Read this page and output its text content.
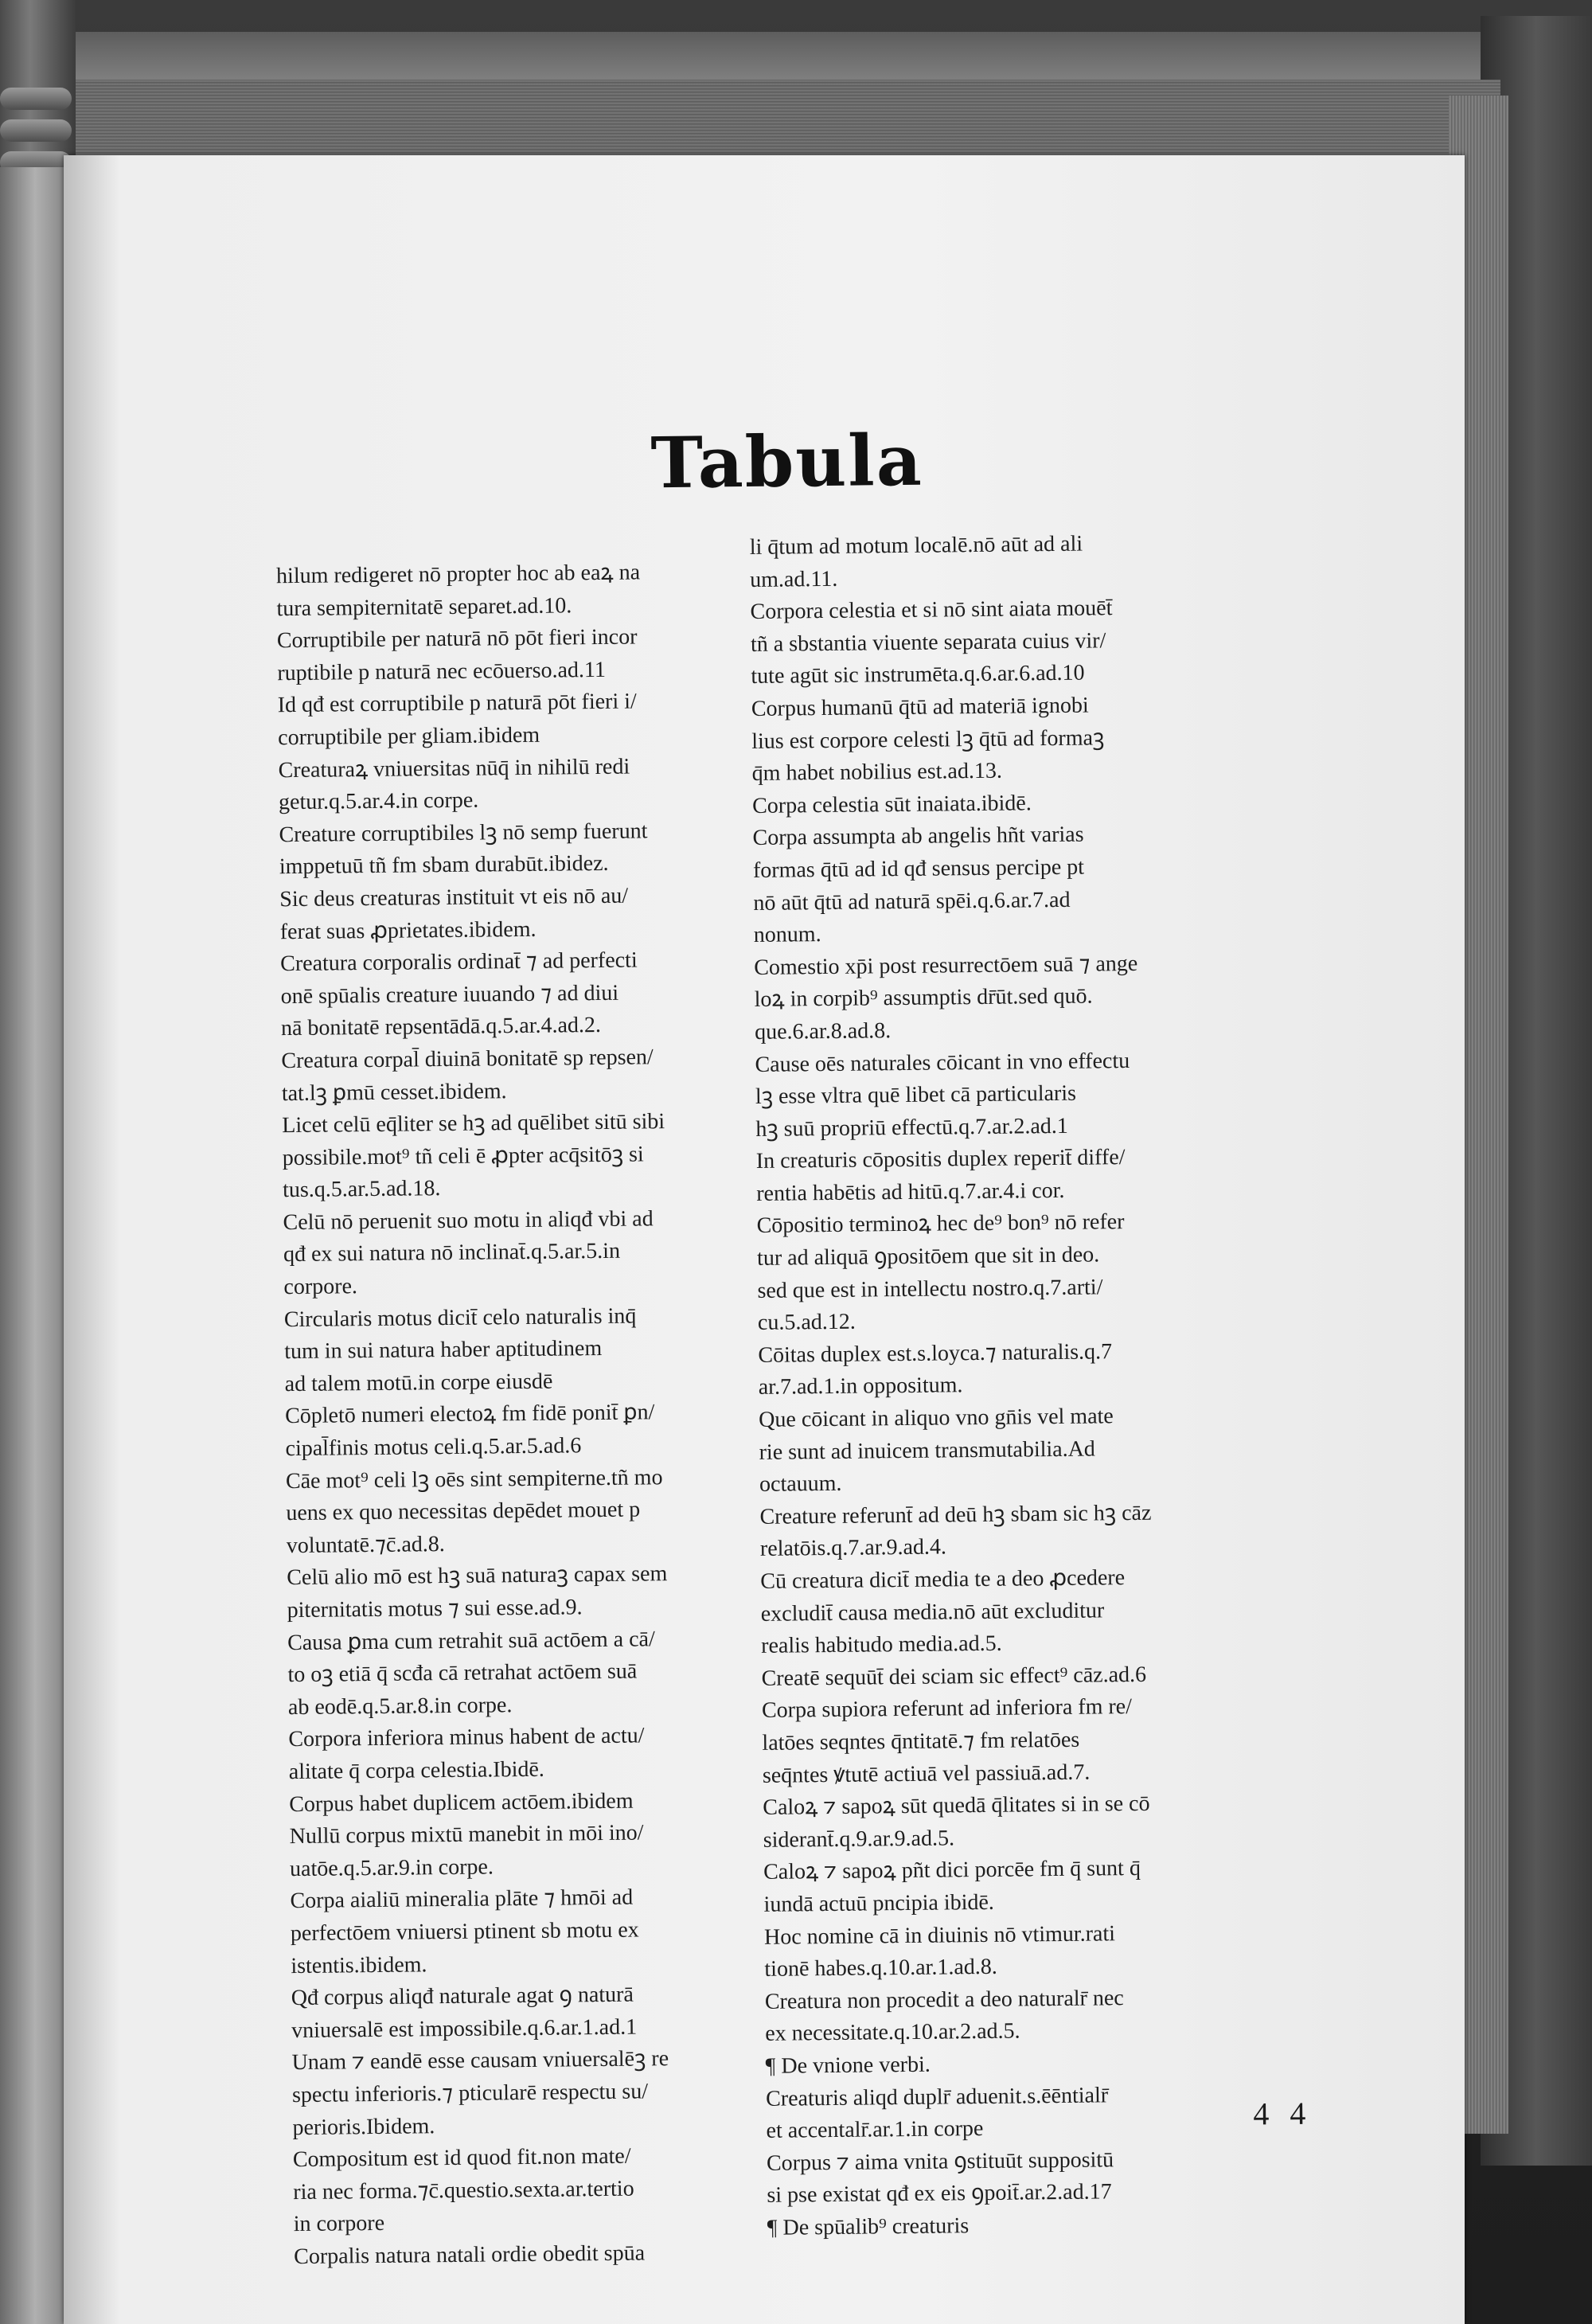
Tabula
hilum redigeret nō propter hoc ab eaꝝ na
tura sempiternitatē separet.ad.10.
Corruptibile per naturā nō pōt fieri incor
ruptibile p naturā nec ecōuerso.ad.11
Id qđ est corruptibile p naturā pōt fieri i/
corruptibile per gliam.ibidem
Creaturaꝝ vniuersitas nūq̄ in nihilū redi
getur.q.5.ar.4.in corpe.
Creature corruptibiles lꝫ nō semp fuerunt
imppetuū tñ fm sbam durabūt.ibidez.
Sic deus creaturas instituit vt eis nō au/
ferat suas ꝓprietates.ibidem.
Creatura corporalis ordinat̄ ⁊ ad perfecti
onē spūalis creature iuuando ⁊ ad diui
nā bonitatē repsentādā.q.5.ar.4.ad.2.
Creatura corpal̄ diuinā bonitatē sp repsen/
tat.lꝫ ꝑmū cesset.ibidem.
Licet celū eq̄liter se hꝫ ad quēlibet sitū sibi
possibile.mot⁹ tñ celi ē ꝓpter acq̄sitōꝫ si
tus.q.5.ar.5.ad.18.
Celū nō peruenit suo motu in aliqđ vbi ad
qđ ex sui natura nō inclinat̄.q.5.ar.5.in
corpore.
Circularis motus dicit̄ celo naturalis inq̄
tum in sui natura haber aptitudinem
ad talem motū.in corpe eiusdē
Cōpletō numeri electoꝝ fm fidē ponit̄ ꝑn/
cipal̄finis motus celi.q.5.ar.5.ad.6
Cāe mot⁹ celi lꝫ oēs sint sempiterne.tñ mo
uens ex quo necessitas depēdet mouet p
voluntatē.⁊c̄.ad.8.
Celū alio mō est hꝫ suā naturaꝫ capax sem
piternitatis motus ⁊ sui esse.ad.9.
Causa ꝑma cum retrahit suā actōem a cā/
to oꝫ etiā q̄ scđa cā retrahat actōem suā
ab eodē.q.5.ar.8.in corpe.
Corpora inferiora minus habent de actu/
alitate q̄ corpa celestia.Ibidē.
Corpus habet duplicem actōem.ibidem
Nullū corpus mixtū manebit in mōi ino/
uatōe.q.5.ar.9.in corpe.
Corpa aialiū mineralia plāte ⁊ hmōi ad
perfectōem vniuersi ptinent sb motu ex
istentis.ibidem.
Qđ corpus aliqđ naturale agat ꝯ naturā
vniuersalē est impossibile.q.6.ar.1.ad.1
Unam ⁊ eandē esse causam vniuersalēꝫ re
spectu inferioris.⁊ pticularē respectu su/
perioris.Ibidem.
Compositum est id quod fit.non mate/
ria nec forma.⁊c̄.questio.sexta.ar.tertio
in corpore
Corpalis natura natali ordie obedit spūa
li q̄tum ad motum localē.nō aūt ad ali
um.ad.11.
Corpora celestia et si nō sint aiata mouēt̄
tñ a sbstantia viuente separata cuius vir/
tute agūt sic instrumēta.q.6.ar.6.ad.10
Corpus humanū q̄tū ad materiā ignobi
lius est corpore celesti lꝫ q̄tū ad formaꝫ
q̄m habet nobilius est.ad.13.
Corpa celestia sūt inaiata.ibidē.
Corpa assumpta ab angelis hñt varias
formas q̄tū ad id qđ sensus percipe pt
nō aūt q̄tū ad naturā spēi.q.6.ar.7.ad
nonum.
Comestio xp̄i post resurrectōem suā ⁊ ange
loꝝ in corpib⁹ assumptis dr̄ūt.sed quō.
que.6.ar.8.ad.8.
Cause oēs naturales cōicant in vno effectu
lꝫ esse vltra quē libet cā particularis
hꝫ suū propriū effectū.q.7.ar.2.ad.1
In creaturis cōpositis duplex reperit̄ diffe/
rentia habētis ad hitū.q.7.ar.4.i cor.
Cōpositio terminoꝝ hec de⁹ bon⁹ nō refer
tur ad aliquā ꝯpositōem que sit in deo.
sed que est in intellectu nostro.q.7.arti/
cu.5.ad.12.
Cōitas duplex est.s.loyca.⁊ naturalis.q.7
ar.7.ad.1.in oppositum.
Que cōicant in aliquo vno gn̄is vel mate
rie sunt ad inuicem transmutabilia.Ad
octauum.
Creature referunt̄ ad deū hꝫ sbam sic hꝫ cāz
relatōis.q.7.ar.9.ad.4.
Cū creatura dicit̄ media te a deo ꝓcedere
excludit̄ causa media.nō aūt excluditur
realis habitudo media.ad.5.
Creatē sequūt̄ dei sciam sic effect⁹ cāz.ad.6
Corpa supiora referunt ad inferiora fm re/
latōes seqntes q̄ntitatē.⁊ fm relatōes
seq̄ntes ꝟtutē actiuā vel passiuā.ad.7.
Caloꝝ ⁊ sapoꝝ sūt quedā q̄litates si in se cō
siderant̄.q.9.ar.9.ad.5.
Caloꝝ ⁊ sapoꝝ pñt dici porcēe fm q̄ sunt q̄
iundā actuū pncipia ibidē.
Hoc nomine cā in diuinis nō vtimur.rati
tionē habes.q.10.ar.1.ad.8.
Creatura non procedit a deo naturalr̄ nec
ex necessitate.q.10.ar.2.ad.5.
¶ De vnione verbi.
Creaturis aliqd duplr̄ aduenit.s.ēēntialr̄
et accentalr̄.ar.1.in corpe
Corpus ⁊ aima vnita ꝯstituūt suppositū
si pse existat qđ ex eis ꝯpoit̄.ar.2.ad.17
¶ De spūalib⁹ creaturis
4 4
